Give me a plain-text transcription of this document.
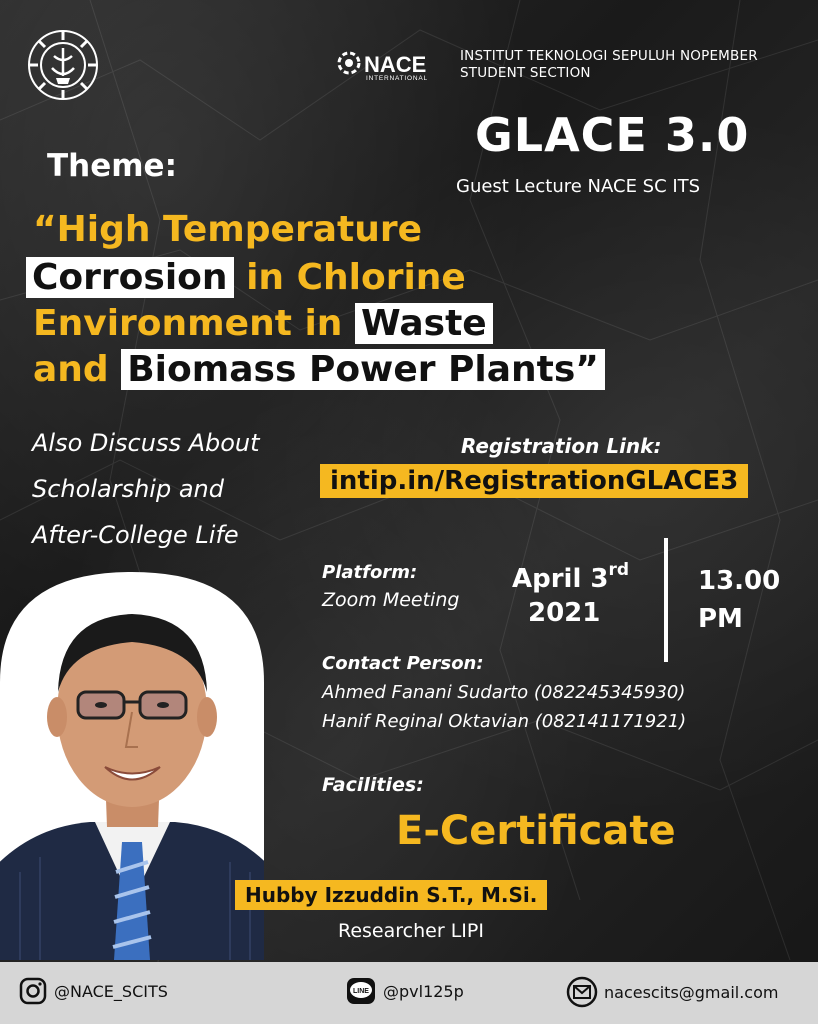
NACE
INTERNATIONAL
INSTITUT TEKNOLOGI SEPULUH NOPEMBER
STUDENT SECTION
GLACE 3.0
Guest Lecture NACE SC ITS
Theme:
“High Temperature
Corrosion in Chlorine
Environment in Waste
and Biomass Power Plants”
Also Discuss About
Scholarship and
After-College Life
Registration Link:
intip.in/RegistrationGLACE3
Platform:
Zoom Meeting
April 3rd
2021
13.00
PM
Contact Person:
Ahmed Fanani Sudarto (082245345930)
Hanif Reginal Oktavian (082141171921)
Facilities:
E-Certificate
Hubby Izzuddin S.T., M.Si.
Researcher LIPI
@NACE_SCITS	LINE @pvl125p	nacescits@gmail.com
